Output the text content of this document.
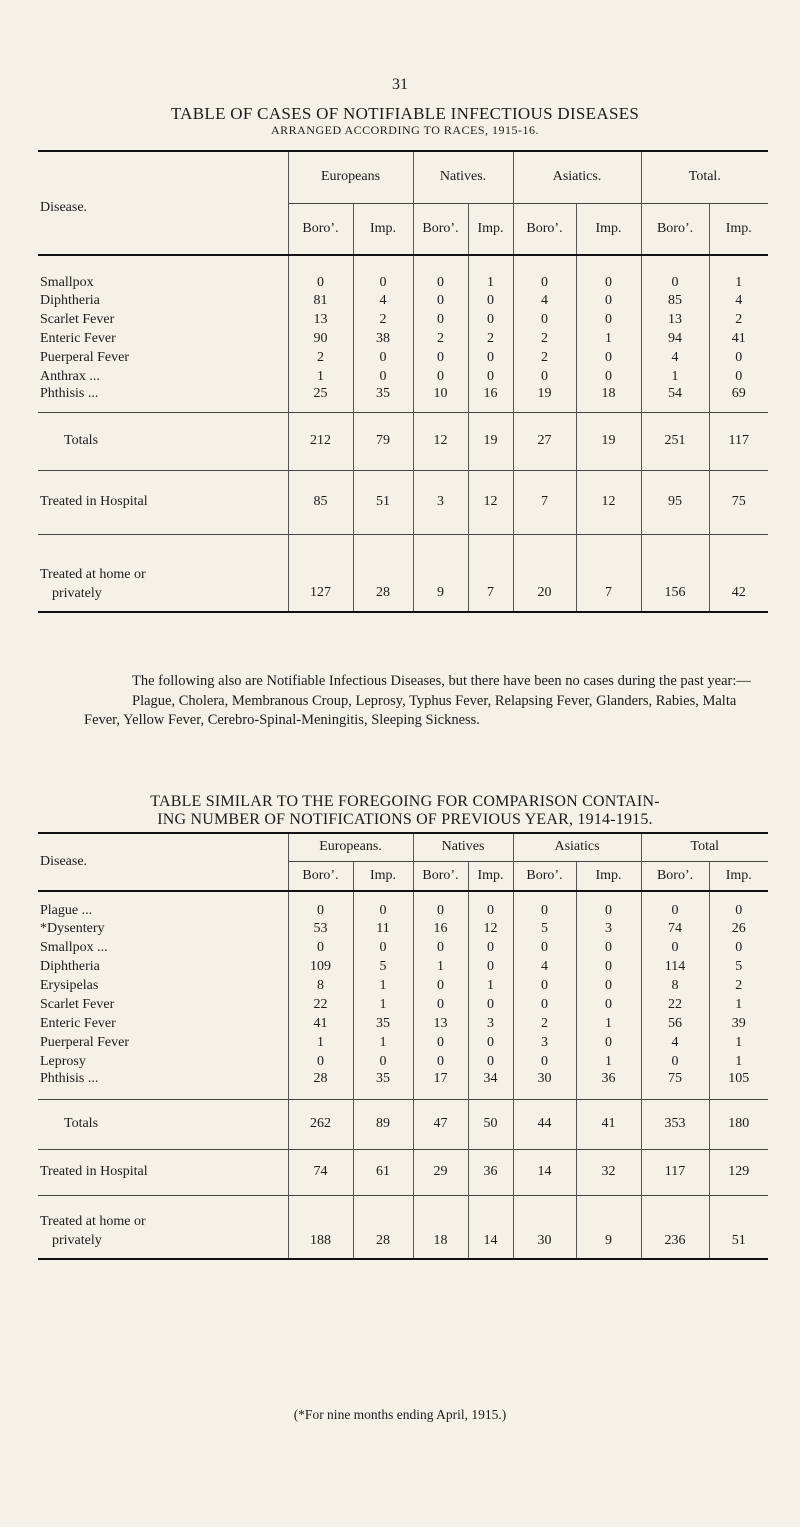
31
TABLE OF CASES OF NOTIFIABLE INFECTIOUS DISEASES
ARRANGED ACCORDING TO RACES, 1915-16.
Disease.	Europeans		Natives.		Asiatics.		Total.	
	Boro’.	Imp.	Boro’.	Imp.	Boro’.	Imp.	Boro’.	Imp.
Smallpox	0	0	0	1	0	0	0	1
Diphtheria	81	4	0	0	4	0	85	4
Scarlet Fever	13	2	0	0	0	0	13	2
Enteric Fever	90	38	2	2	2	1	94	41
Puerperal Fever	2	0	0	0	2	0	4	0
Anthrax ...	1	0	0	0	0	0	1	0
Phthisis ...	25	35	10	16	19	18	54	69
Totals	212	79	12	19	27	19	251	117
Treated in Hospital	85	51	3	12	7	12	95	75
Treated at home or
privately	127	28	9	7	20	7	156	42
The following also are Notifiable Infectious Diseases, but there have been no cases during the past year:—

Plague, Cholera, Membranous Croup, Leprosy, Typhus Fever, Relapsing Fever, Glanders, Rabies, Malta Fever, Yellow Fever, Cerebro-Spinal-Meningitis, Sleeping Sickness.

TABLE SIMILAR TO THE FOREGOING FOR COMPARISON CONTAIN-
ING NUMBER OF NOTIFICATIONS OF PREVIOUS YEAR, 1914-1915.
Disease.	Europeans.		Natives		Asiatics		Total	
	Boro’.	Imp.	Boro’.	Imp.	Boro’.	Imp.	Boro’.	Imp.
Plague ...	0	0	0	0	0	0	0	0
*Dysentery	53	11	16	12	5	3	74	26
Smallpox ...	0	0	0	0	0	0	0	0
Diphtheria	109	5	1	0	4	0	114	5
Erysipelas	8	1	0	1	0	0	8	2
Scarlet Fever	22	1	0	0	0	0	22	1
Enteric Fever	41	35	13	3	2	1	56	39
Puerperal Fever	1	1	0	0	3	0	4	1
Leprosy	0	0	0	0	0	1	0	1
Phthisis ...	28	35	17	34	30	36	75	105
Totals	262	89	47	50	44	41	353	180
Treated in Hospital	74	61	29	36	14	32	117	129
Treated at home or
privately	188	28	18	14	30	9	236	51
(*For nine months ending April, 1915.)
